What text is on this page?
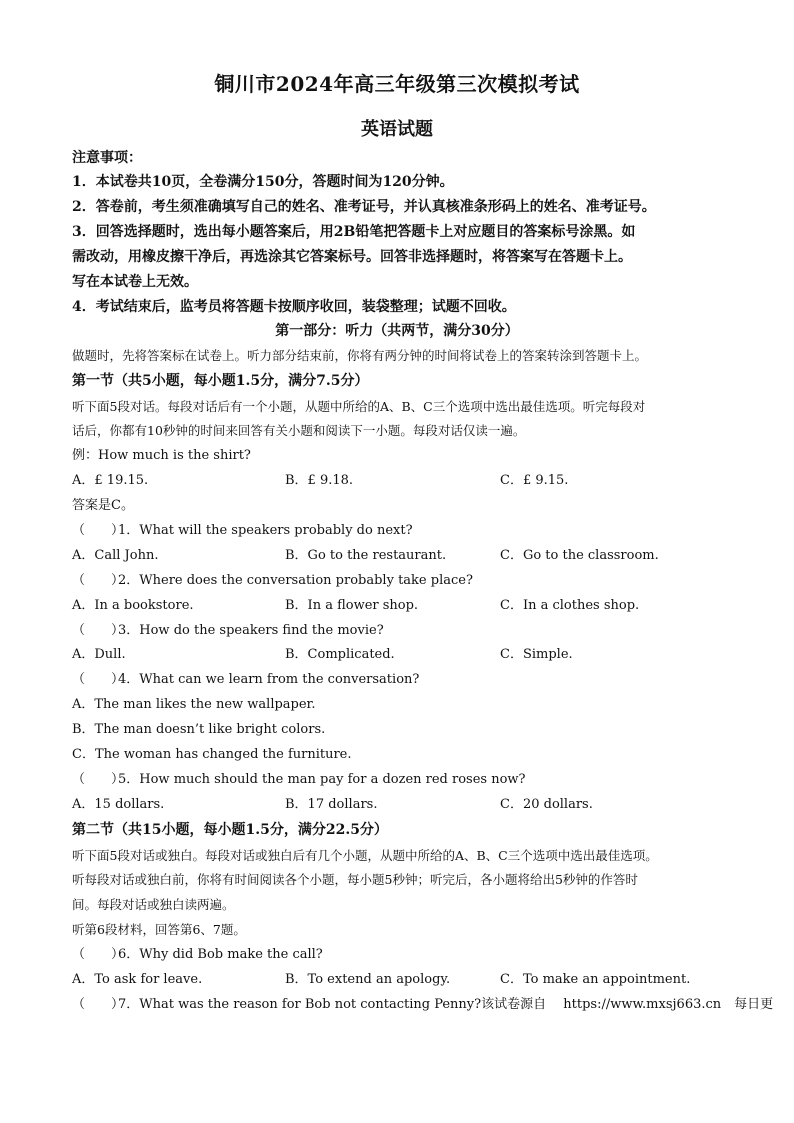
铜川市2024年高三年级第三次模拟考试
英语试题
注意事项：
1．本试卷共10页，全卷满分150分，答题时间为120分钟。
2．答卷前，考生须准确填写自己的姓名、准考证号，并认真核准条形码上的姓名、准考证号。
3．回答选择题时，选出每小题答案后，用2B铅笔把答题卡上对应题目的答案标号涂黑。如
需改动，用橡皮擦干净后，再选涂其它答案标号。回答非选择题时，将答案写在答题卡上。
写在本试卷上无效。
4．考试结束后，监考员将答题卡按顺序收回，装袋整理；试题不回收。
第一部分：听力（共两节，满分30分）
做题时，先将答案标在试卷上。听力部分结束前，你将有两分钟的时间将试卷上的答案转涂到答题卡上。
第一节（共5小题，每小题1.5分，满分7.5分）
听下面5段对话。每段对话后有一个小题，从题中所给的A、B、C三个选项中选出最佳选项。听完每段对
话后，你都有10秒钟的时间来回答有关小题和阅读下一小题。每段对话仅读一遍。
例：How much is the shirt?
A．£ 19.15.	B．£ 9.18.	C．£ 9.15.
答案是C。
（　　）1．What will the speakers probably do next?
A．Call John.	B．Go to the restaurant.	C．Go to the classroom.
（　　）2．Where does the conversation probably take place?
A．In a bookstore.	B．In a flower shop.	C．In a clothes shop.
（　　）3．How do the speakers find the movie?
A．Dull.	B．Complicated.	C．Simple.
（　　）4．What can we learn from the conversation?
A．The man likes the new wallpaper.
B．The man doesn’t like bright colors.
C．The woman has changed the furniture.
（　　）5．How much should the man pay for a dozen red roses now?
A．15 dollars.	B．17 dollars.	C．20 dollars.
第二节（共15小题，每小题1.5分，满分22.5分）
听下面5段对话或独白。每段对话或独白后有几个小题，从题中所给的A、B、C三个选项中选出最佳选项。
听每段对话或独白前，你将有时间阅读各个小题，每小题5秒钟；听完后，各小题将给出5秒钟的作答时
间。每段对话或独白读两遍。
听第6段材料，回答第6、7题。
（　　）6．Why did Bob make the call?
A．To ask for leave.	B．To extend an apology.	C．To make an appointment.
（　　）7．What was the reason for Bob not contacting Penny?该试卷源自　 https://www.mxsj663.cn　每日更
